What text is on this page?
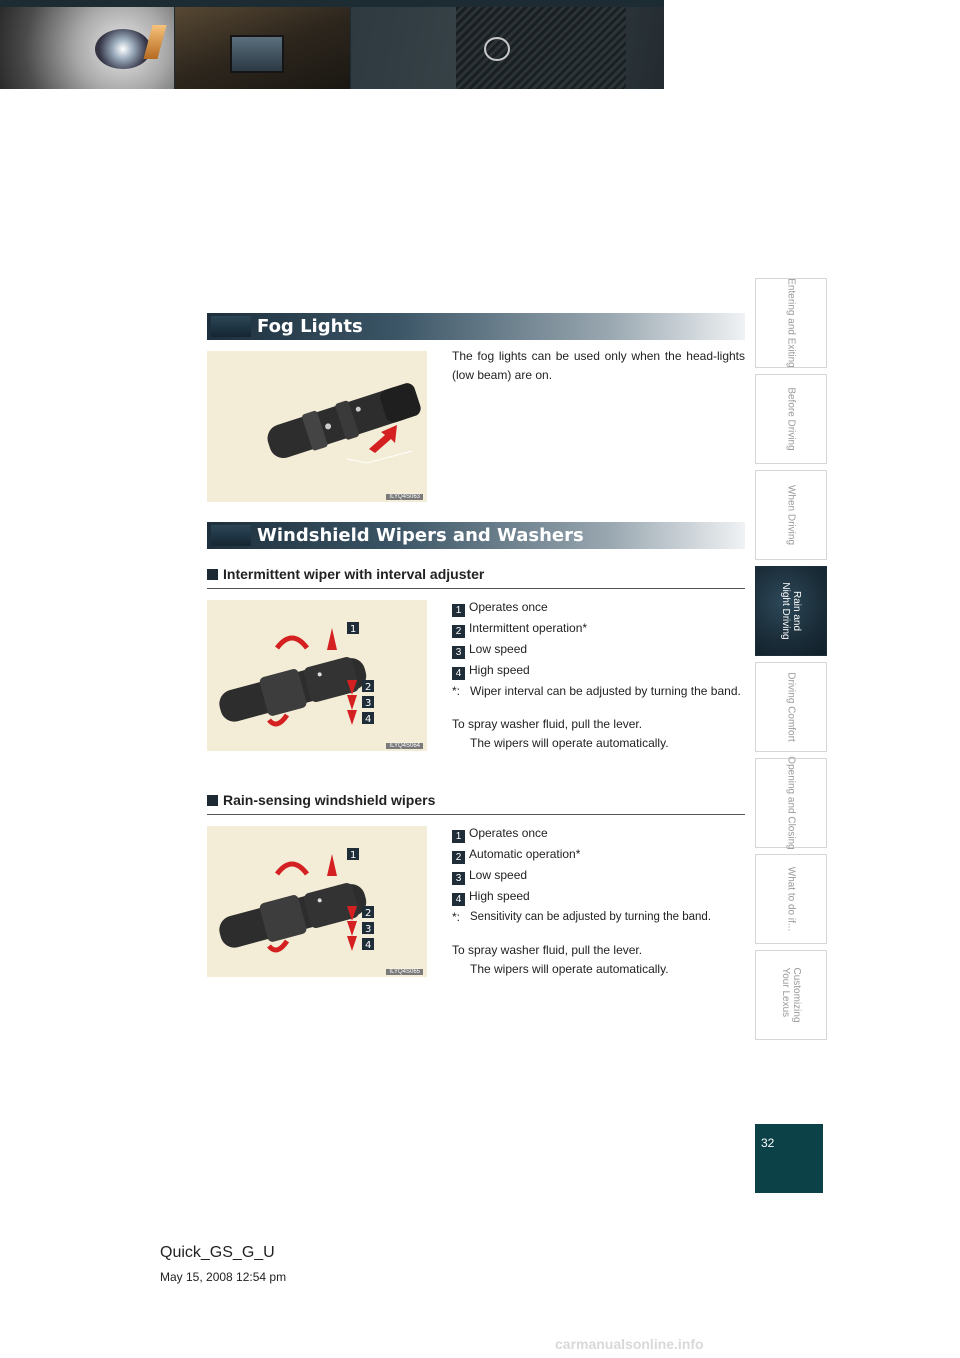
Topic 4
Rain and Night Driving
Entering and Exiting
Before Driving
When Driving
Rain and
Night Driving
Driving Comfort
Opening and Closing
What to do if...
Customizing
Your Lexus
32
Fog Lights
ILYQ4S063
The fog lights can be used only when the head-lights (low beam) are on.
Windshield Wipers and Washers
Intermittent wiper with interval adjuster
1
2
3
4
ILYQ4S064
1 Operates once
2 Intermittent operation*
3 Low speed
4 High speed
*: Wiper interval can be adjusted by turning the band.
To spray washer fluid, pull the lever.
The wipers will operate automatically.
Rain-sensing windshield wipers
1
2
3
4
ILYQ4S065
1 Operates once
2 Automatic operation*
3 Low speed
4 High speed
*: Sensitivity can be adjusted by turning the band.
To spray washer fluid, pull the lever.
The wipers will operate automatically.
Quick_GS_G_U
May 15, 2008 12:54 pm
carmanualsonline.info
